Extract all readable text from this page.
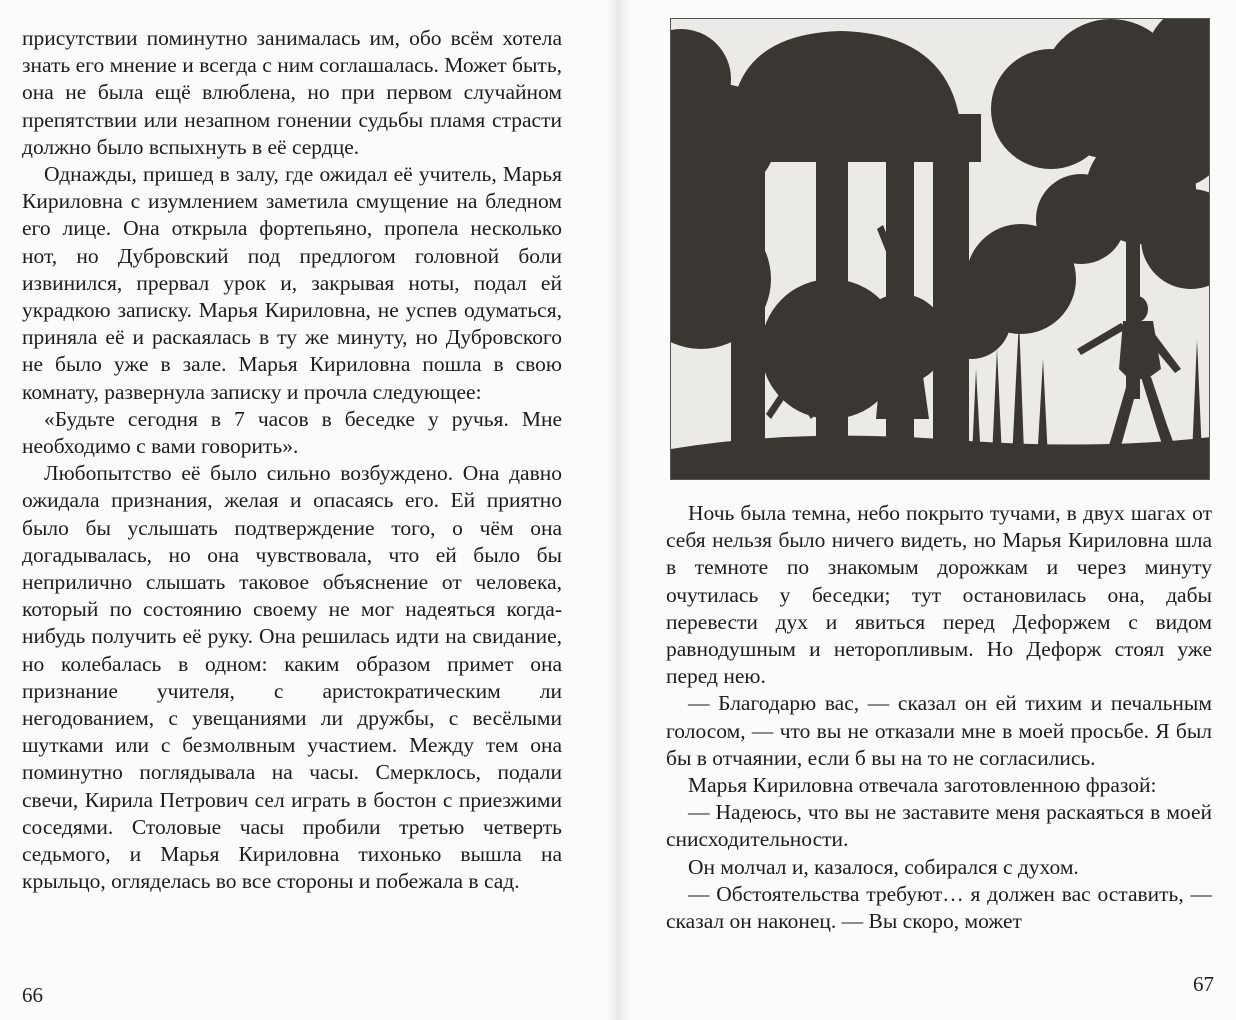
присутствии поминутно занималась им, обо всём хотела знать его мнение и всегда с ним соглашалась. Может быть, она не была ещё влюблена, но при первом случайном препятствии или незапном гонении судьбы пламя страсти должно было вспыхнуть в её сердце.

Однажды, пришед в залу, где ожидал её учитель, Марья Кириловна с изумлением заметила смущение на бледном его лице. Она открыла фортепьяно, пропела несколько нот, но Дубровский под предлогом головной боли извинился, прервал урок и, закрывая ноты, подал ей украдкою записку. Марья Кириловна, не успев одуматься, приняла её и раскаялась в ту же минуту, но Дубровского не было уже в зале. Марья Кириловна пошла в свою комнату, развернула записку и прочла следующее:

«Будьте сегодня в 7 часов в беседке у ручья. Мне необходимо с вами говорить».

Любопытство её было сильно возбуждено. Она давно ожидала признания, желая и опасаясь его. Ей приятно было бы услышать подтверждение того, о чём она догадывалась, но она чувствовала, что ей было бы неприлично слышать таковое объяснение от человека, который по состоянию своему не мог надеяться когда-нибудь получить её руку. Она решилась идти на свидание, но колебалась в одном: каким образом примет она признание учителя, с аристократическим ли негодованием, с увещаниями ли дружбы, с весёлыми шутками или с безмолвным участием. Между тем она поминутно поглядывала на часы. Смерклось, подали свечи, Кирила Петрович сел играть в бостон с приезжими соседями. Столовые часы пробили третью четверть седьмого, и Марья Кириловна тихонько вышла на крыльцо, огляделась во все стороны и побежала в сад.

66

Ночь была темна, небо покрыто тучами, в двух шагах от себя нельзя было ничего видеть, но Марья Кириловна шла в темноте по знакомым дорожкам и через минуту очутилась у беседки; тут остановилась она, дабы перевести дух и явиться перед Дефоржем с видом равнодушным и неторопливым. Но Дефорж стоял уже перед нею.

— Благодарю вас, — сказал он ей тихим и печальным голосом, — что вы не отказали мне в моей просьбе. Я был бы в отчаянии, если б вы на то не согласились.

Марья Кириловна отвечала заготовленною фразой:

— Надеюсь, что вы не заставите меня раскаяться в моей снисходительности.

Он молчал и, казалося, собирался с духом.

— Обстоятельства требуют… я должен вас оставить, — сказал он наконец. — Вы скоро, может

67
